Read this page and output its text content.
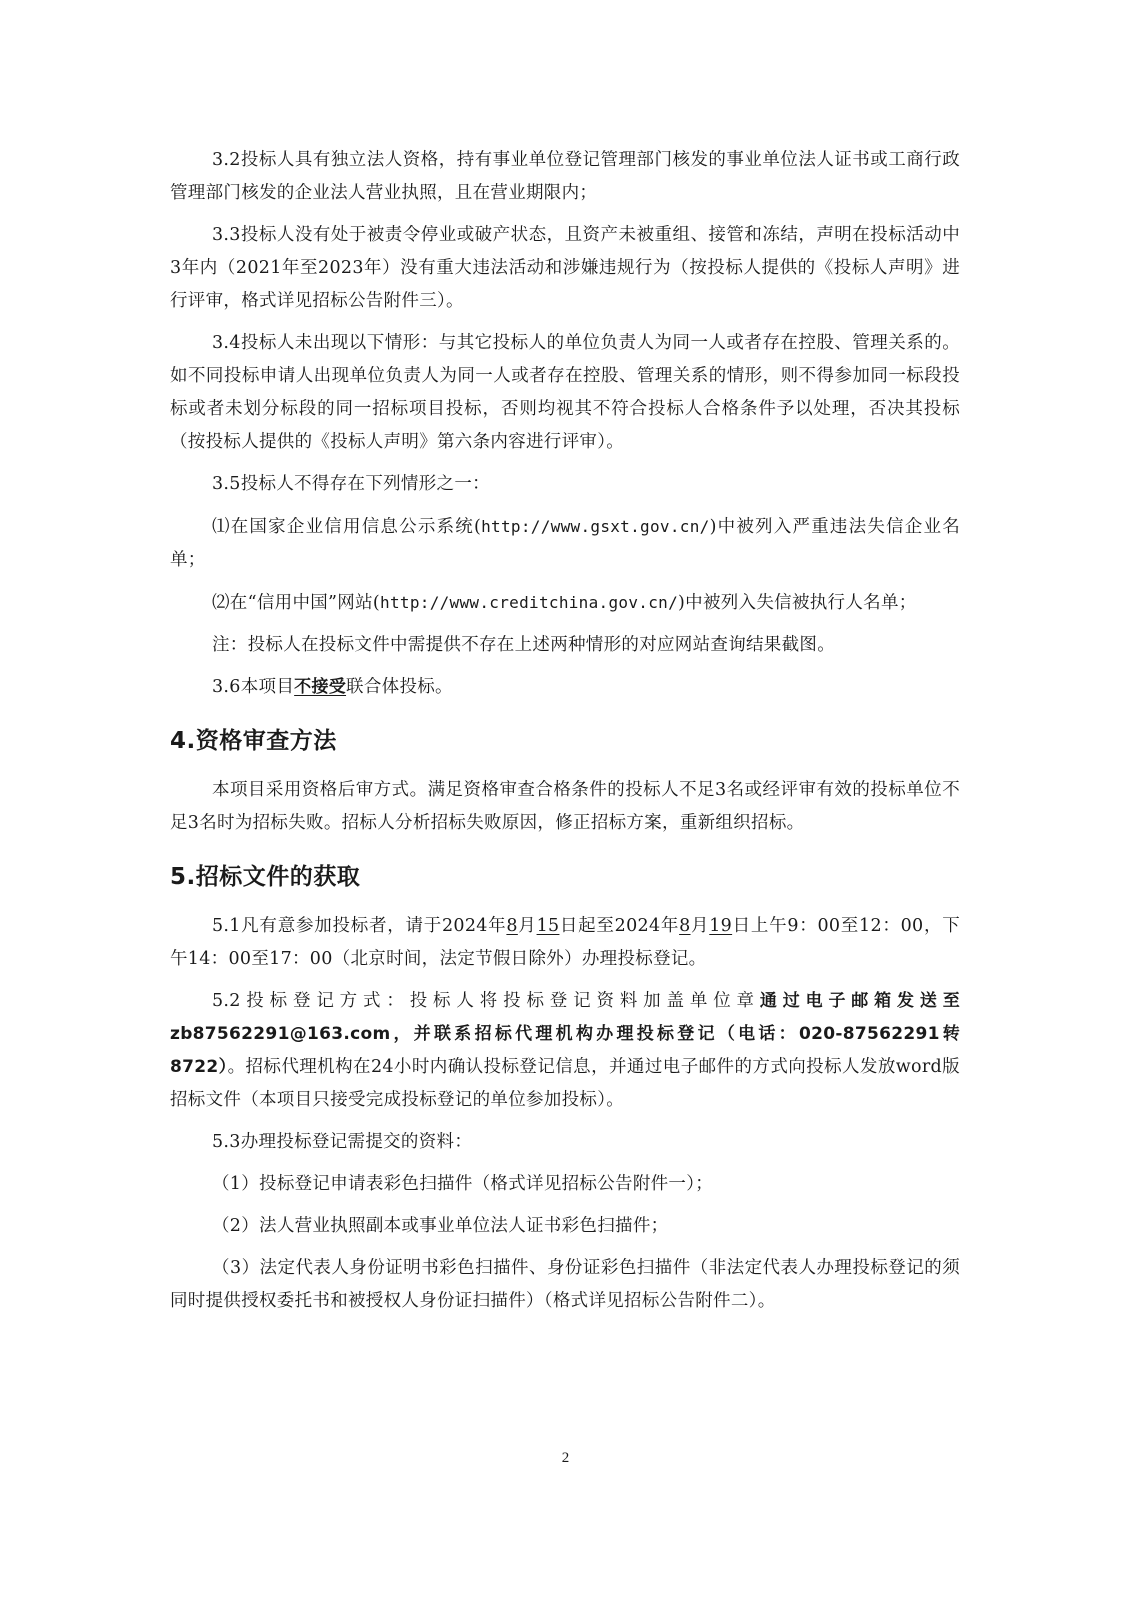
3.2投标人具有独立法人资格，持有事业单位登记管理部门核发的事业单位法人证书或工商行政管理部门核发的企业法人营业执照，且在营业期限内；

3.3投标人没有处于被责令停业或破产状态，且资产未被重组、接管和冻结，声明在投标活动中3年内（2021年至2023年）没有重大违法活动和涉嫌违规行为（按投标人提供的《投标人声明》进行评审，格式详见招标公告附件三）。

3.4投标人未出现以下情形：与其它投标人的单位负责人为同一人或者存在控股、管理关系的。如不同投标申请人出现单位负责人为同一人或者存在控股、管理关系的情形，则不得参加同一标段投标或者未划分标段的同一招标项目投标，否则均视其不符合投标人合格条件予以处理，否决其投标（按投标人提供的《投标人声明》第六条内容进行评审）。

3.5投标人不得存在下列情形之一：

⑴在国家企业信用信息公示系统(http://www.gsxt.gov.cn/)中被列入严重违法失信企业名单；

⑵在“信用中国”网站(http://www.creditchina.gov.cn/)中被列入失信被执行人名单；

注：投标人在投标文件中需提供不存在上述两种情形的对应网站查询结果截图。

3.6本项目不接受联合体投标。

4.资格审查方法

本项目采用资格后审方式。满足资格审查合格条件的投标人不足3名或经评审有效的投标单位不足3名时为招标失败。招标人分析招标失败原因，修正招标方案，重新组织招标。

5.招标文件的获取

5.1凡有意参加投标者，请于2024年8月15日起至2024年8月19日上午9：00至12：00，下午14：00至17：00（北京时间，法定节假日除外）办理投标登记。

5.2投标登记方式：投标人将投标登记资料加盖单位章通过电子邮箱发送至zb87562291@163.com，并联系招标代理机构办理投标登记（电话：020-87562291转8722）。招标代理机构在24小时内确认投标登记信息，并通过电子邮件的方式向投标人发放word版招标文件（本项目只接受完成投标登记的单位参加投标）。

5.3办理投标登记需提交的资料：

（1）投标登记申请表彩色扫描件（格式详见招标公告附件一）；

（2）法人营业执照副本或事业单位法人证书彩色扫描件；

（3）法定代表人身份证明书彩色扫描件、身份证彩色扫描件（非法定代表人办理投标登记的须同时提供授权委托书和被授权人身份证扫描件）（格式详见招标公告附件二）。

2
